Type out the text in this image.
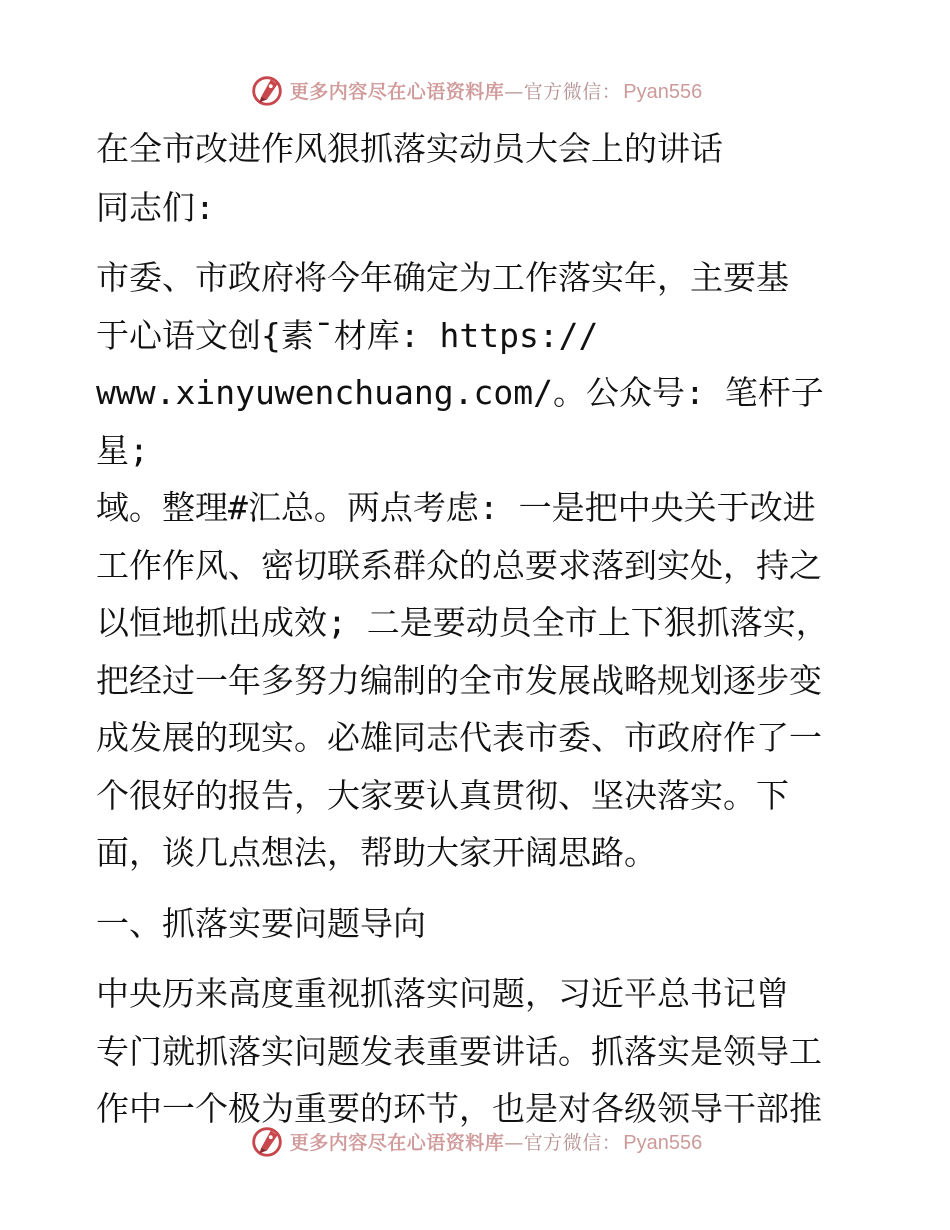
更多内容尽在心语资料库 —官方微信： Pyan556

在全市改进作风狠抓落实动员大会上的讲话

同志们:

市委、市政府将今年确定为工作落实年，主要基

于心语文创{素¯材库: https://

www.xinyuwenchuang.com/。公众号: 笔杆子星;

域。整理#汇总。两点考虑: 一是把中央关于改进

工作作风、密切联系群众的总要求落到实处，持之

以恒地抓出成效; 二是要动员全市上下狠抓落实，

把经过一年多努力编制的全市发展战略规划逐步变

成发展的现实。必雄同志代表市委、市政府作了一

个很好的报告，大家要认真贯彻、坚决落实。下

面，谈几点想法，帮助大家开阔思路。

一、抓落实要问题导向

中央历来高度重视抓落实问题，习近平总书记曾

专门就抓落实问题发表重要讲话。抓落实是领导工

作中一个极为重要的环节，也是对各级领导干部推

更多内容尽在心语资料库 —官方微信： Pyan556
